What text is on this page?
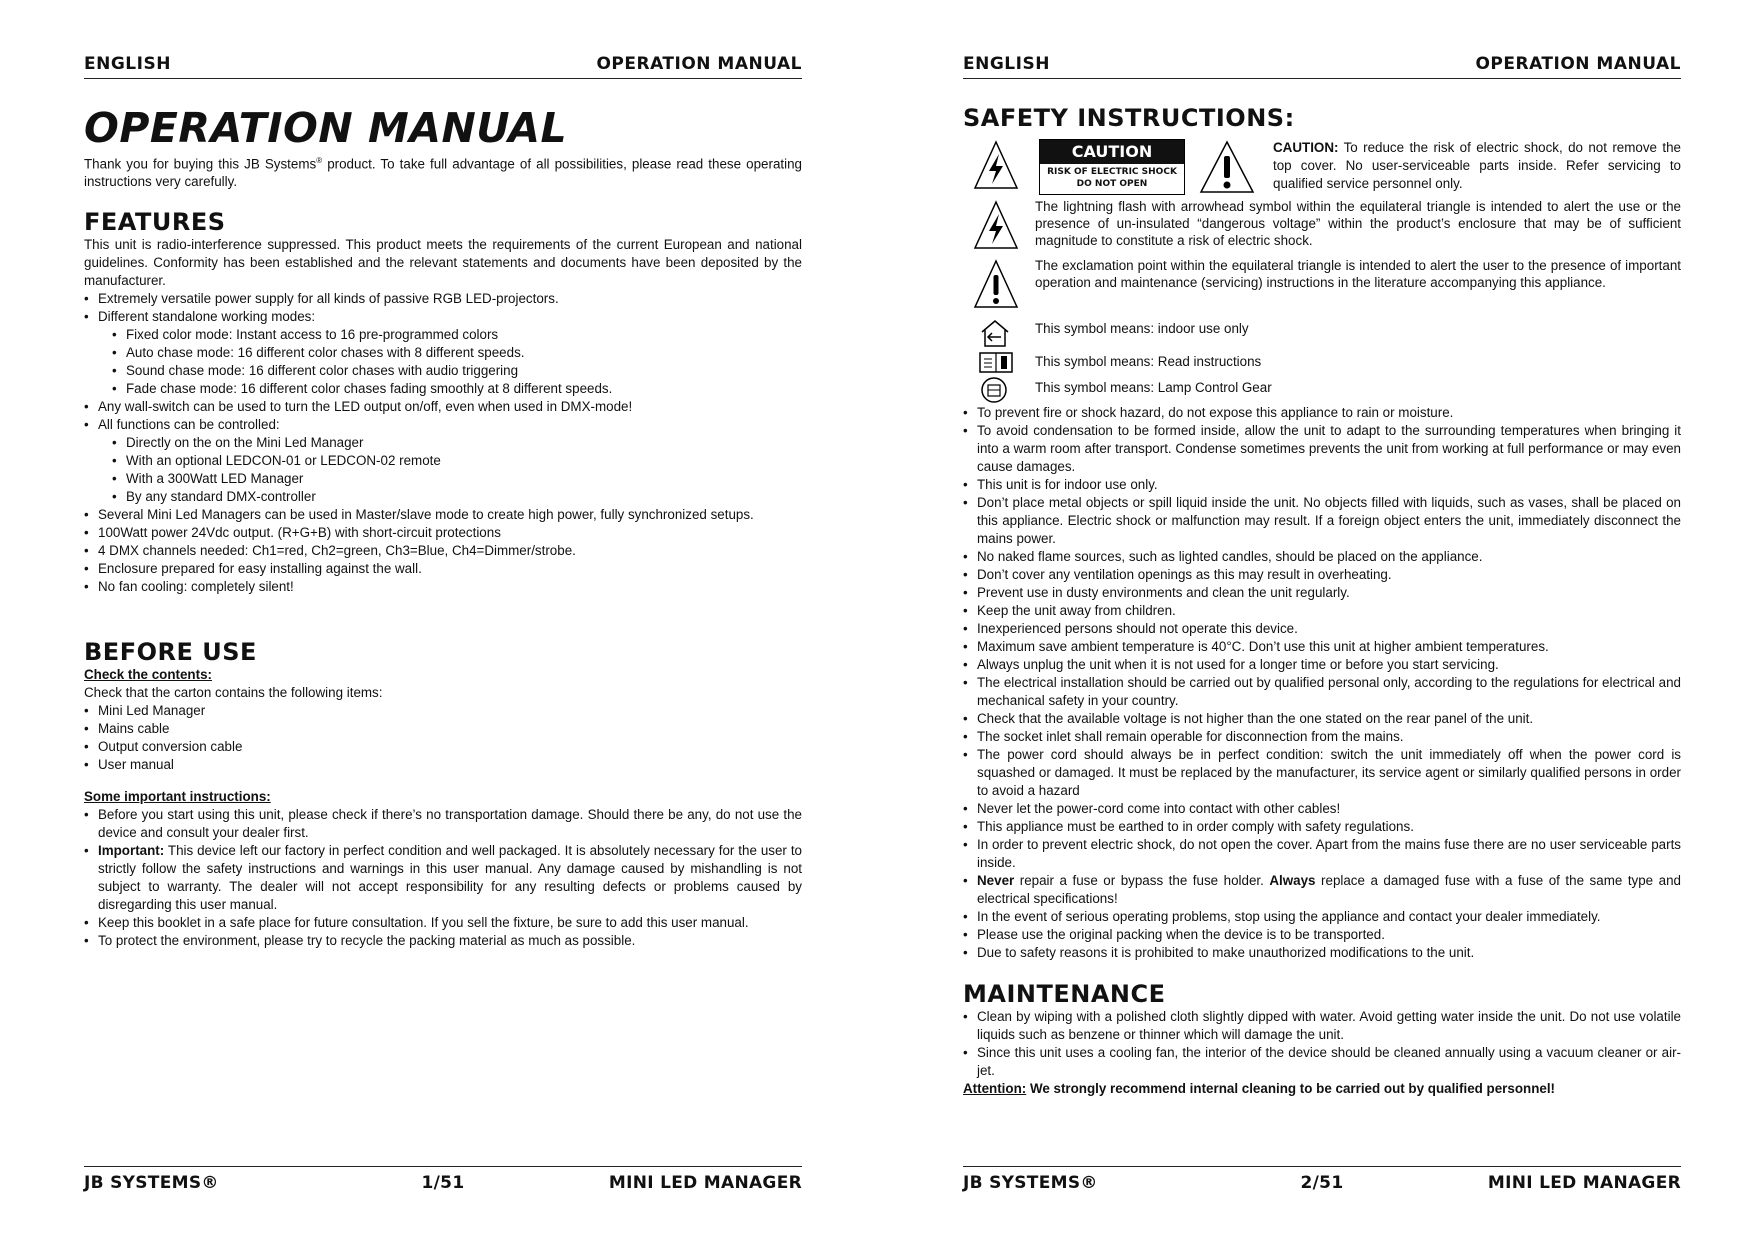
ENGLISH	OPERATION MANUAL
OPERATION MANUAL

Thank you for buying this JB Systems® product. To take full advantage of all possibilities, please read these operating instructions very carefully.

FEATURES

This unit is radio-interference suppressed. This product meets the requirements of the current European and national guidelines. Conformity has been established and the relevant statements and documents have been deposited by the manufacturer.

• Extremely versatile power supply for all kinds of passive RGB LED-projectors.
• Different standalone working modes:
• Fixed color mode: Instant access to 16 pre-programmed colors
• Auto chase mode: 16 different color chases with 8 different speeds.
• Sound chase mode: 16 different color chases with audio triggering
• Fade chase mode: 16 different color chases fading smoothly at 8 different speeds.
• Any wall-switch can be used to turn the LED output on/off, even when used in DMX-mode!
• All functions can be controlled:
• Directly on the on the Mini Led Manager
• With an optional LEDCON-01 or LEDCON-02 remote
• With a 300Watt LED Manager
• By any standard DMX-controller
• Several Mini Led Managers can be used in Master/slave mode to create high power, fully synchronized setups.
• 100Watt power 24Vdc output. (R+G+B) with short-circuit protections
• 4 DMX channels needed: Ch1=red, Ch2=green, Ch3=Blue, Ch4=Dimmer/strobe.
• Enclosure prepared for easy installing against the wall.
• No fan cooling: completely silent!
BEFORE USE
Check the contents:

Check that the carton contains the following items:

• Mini Led Manager
• Mains cable
• Output conversion cable
• User manual
Some important instructions:
• Before you start using this unit, please check if there’s no transportation damage. Should there be any, do not use the device and consult your dealer first.
• Important: This device left our factory in perfect condition and well packaged. It is absolutely necessary for the user to strictly follow the safety instructions and warnings in this user manual. Any damage caused by mishandling is not subject to warranty. The dealer will not accept responsibility for any resulting defects or problems caused by disregarding this user manual.
• Keep this booklet in a safe place for future consultation. If you sell the fixture, be sure to add this user manual.
• To protect the environment, please try to recycle the packing material as much as possible.
JB SYSTEMS®	1/51	MINI LED MANAGER
ENGLISH	OPERATION MANUAL
SAFETY INSTRUCTIONS:
CAUTION
RISK OF ELECTRIC SHOCK
DO NOT OPEN
CAUTION: To reduce the risk of electric shock, do not remove the top cover. No user-serviceable parts inside. Refer servicing to qualified service personnel only.
The lightning flash with arrowhead symbol within the equilateral triangle is intended to alert the use or the presence of un-insulated “dangerous voltage” within the product’s enclosure that may be of sufficient magnitude to constitute a risk of electric shock.
The exclamation point within the equilateral triangle is intended to alert the user to the presence of important operation and maintenance (servicing) instructions in the literature accompanying this appliance.
This symbol means: indoor use only
This symbol means: Read instructions
This symbol means: Lamp Control Gear
• To prevent fire or shock hazard, do not expose this appliance to rain or moisture.
• To avoid condensation to be formed inside, allow the unit to adapt to the surrounding temperatures when bringing it into a warm room after transport. Condense sometimes prevents the unit from working at full performance or may even cause damages.
• This unit is for indoor use only.
• Don’t place metal objects or spill liquid inside the unit. No objects filled with liquids, such as vases, shall be placed on this appliance. Electric shock or malfunction may result. If a foreign object enters the unit, immediately disconnect the mains power.
• No naked flame sources, such as lighted candles, should be placed on the appliance.
• Don’t cover any ventilation openings as this may result in overheating.
• Prevent use in dusty environments and clean the unit regularly.
• Keep the unit away from children.
• Inexperienced persons should not operate this device.
• Maximum save ambient temperature is 40°C. Don’t use this unit at higher ambient temperatures.
• Always unplug the unit when it is not used for a longer time or before you start servicing.
• The electrical installation should be carried out by qualified personal only, according to the regulations for electrical and mechanical safety in your country.
• Check that the available voltage is not higher than the one stated on the rear panel of the unit.
• The socket inlet shall remain operable for disconnection from the mains.
• The power cord should always be in perfect condition: switch the unit immediately off when the power cord is squashed or damaged. It must be replaced by the manufacturer, its service agent or similarly qualified persons in order to avoid a hazard
• Never let the power-cord come into contact with other cables!
• This appliance must be earthed to in order comply with safety regulations.
• In order to prevent electric shock, do not open the cover. Apart from the mains fuse there are no user serviceable parts inside.
• Never repair a fuse or bypass the fuse holder. Always replace a damaged fuse with a fuse of the same type and electrical specifications!
• In the event of serious operating problems, stop using the appliance and contact your dealer immediately.
• Please use the original packing when the device is to be transported.
• Due to safety reasons it is prohibited to make unauthorized modifications to the unit.
MAINTENANCE
• Clean by wiping with a polished cloth slightly dipped with water. Avoid getting water inside the unit. Do not use volatile liquids such as benzene or thinner which will damage the unit.
• Since this unit uses a cooling fan, the interior of the device should be cleaned annually using a vacuum cleaner or air-jet.

Attention: We strongly recommend internal cleaning to be carried out by qualified personnel!

JB SYSTEMS®	2/51	MINI LED MANAGER
